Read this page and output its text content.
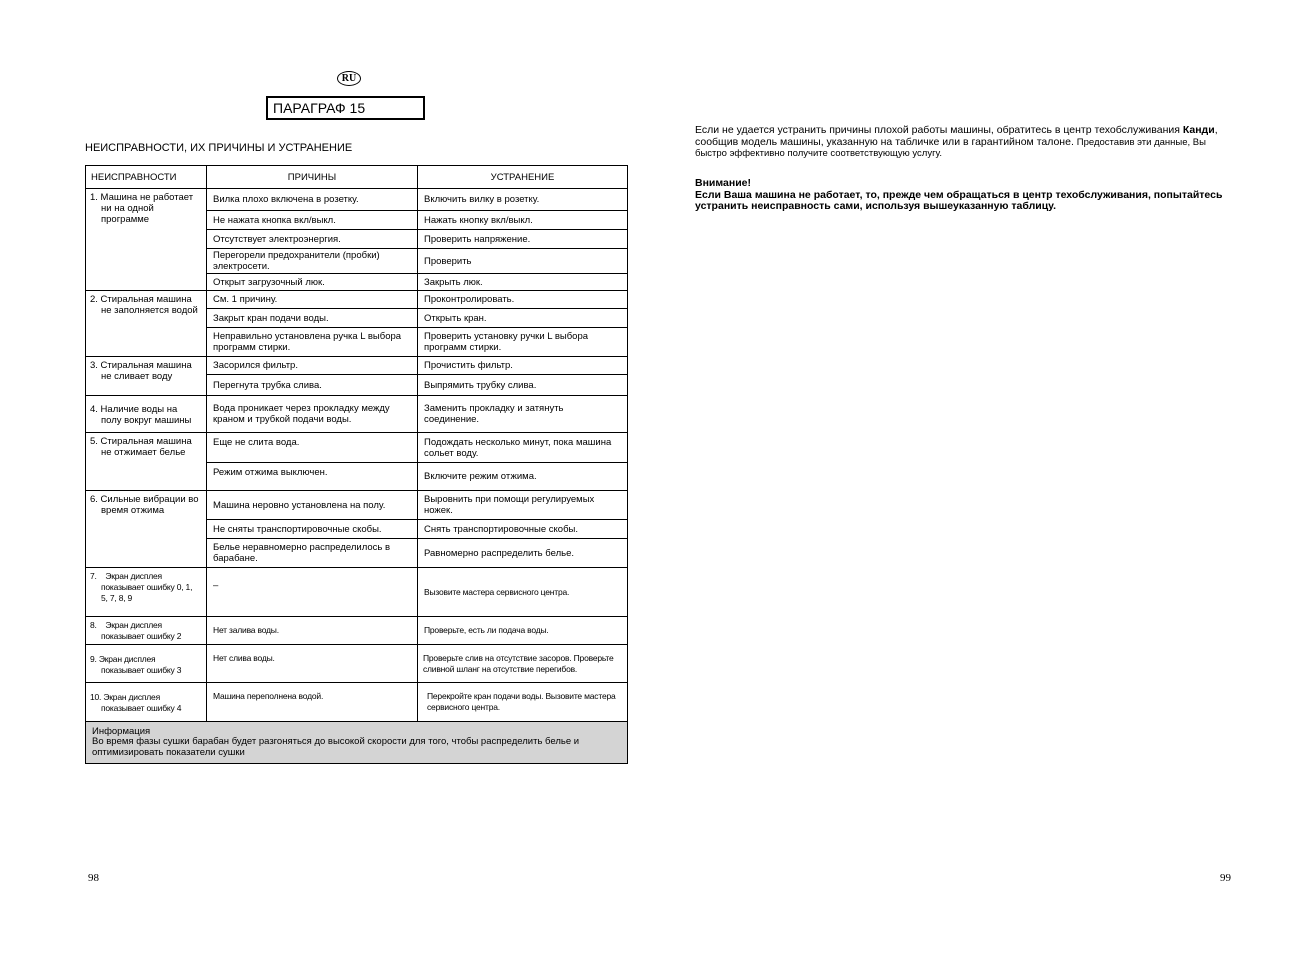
RU
ПАРАГРАФ 15
НЕИСПРАВНОСТИ, ИХ ПРИЧИНЫ И УСТРАНЕНИЕ
НЕИСПРАВНОСТИ	ПРИЧИНЫ	УСТРАНЕНИЕ

1. Машина не работает ни на одной программе	Вилка плохо включена в розетку.	Включить вилку в розетку.
	Не нажата кнопка вкл/выкл.	Нажать кнопку вкл/выкл.
	Отсутствует электроэнергия.	Проверить напряжение.
	Перегорели предохранители (пробки) электросети.	Проверить
	Открыт загрузочный люк.	Закрыть люк.

2. Стиральная машина не заполняется водой	См. 1 причину.	Проконтролировать.
	Закрыт кран подачи воды.	Открыть кран.
	Неправильно установлена ручка L выбора программ стирки.	Проверить установку ручки L выбора программ стирки.

3. Стиральная машина не сливает воду	Засорился фильтр.	Прочистить фильтр.
	Перегнута трубка слива.	Выпрямить трубку слива.

4. Наличие воды на полу вокруг машины	Вода проникает через прокладку между краном и трубкой подачи воды.	Заменить прокладку и затянуть соединение.

5. Стиральная машина не отжимает белье	Еще не слита вода.	Подождать несколько минут, пока машина сольет воду.
	Режим отжима выключен.	Включите режим отжима.

6. Сильные вибрации во время отжима	Машина неровно установлена на полу.	Выровнить при помощи регулируемых ножек.
	Не сняты транспортировочные скобы.	Снять транспортировочные скобы.
	Белье неравномерно распределилось в барабане.	Равномерно распределить белье.

7.    Экран дисплея показывает ошибку 0, 1, 5, 7, 8, 9	–	Вызовите мастера сервисного центра.

8.    Экран дисплея показывает ошибку 2	Нет залива воды.	Проверьте, есть ли подача воды.

9. Экран дисплея показывает ошибку 3	Нет слива воды.	Проверьте слив на отсутствие засоров. Проверьте сливной шланг на отсутствие перегибов.

10. Экран дисплея показывает ошибку 4	Машина переполнена водой.	Перекройте кран подачи воды. Вызовите мастера сервисного центра.

Информация
Во время фазы сушки барабан будет разгоняться до высокой скорости для того, чтобы распределить белье и оптимизировать показатели сушки		
Если не удается устранить причины плохой работы машины, обратитесь в центр техобслуживания Канди, сообщив модель машины, указанную на табличке или в гарантийном талоне. Предоставив эти данные, Вы быстро эффективно получите соответствующую услугу.
Внимание!
Если Ваша машина не работает, то, прежде чем обращаться в центр техобслуживания, попытайтесь устранить неисправность сами, используя вышеуказанную таблицу.
98	99
